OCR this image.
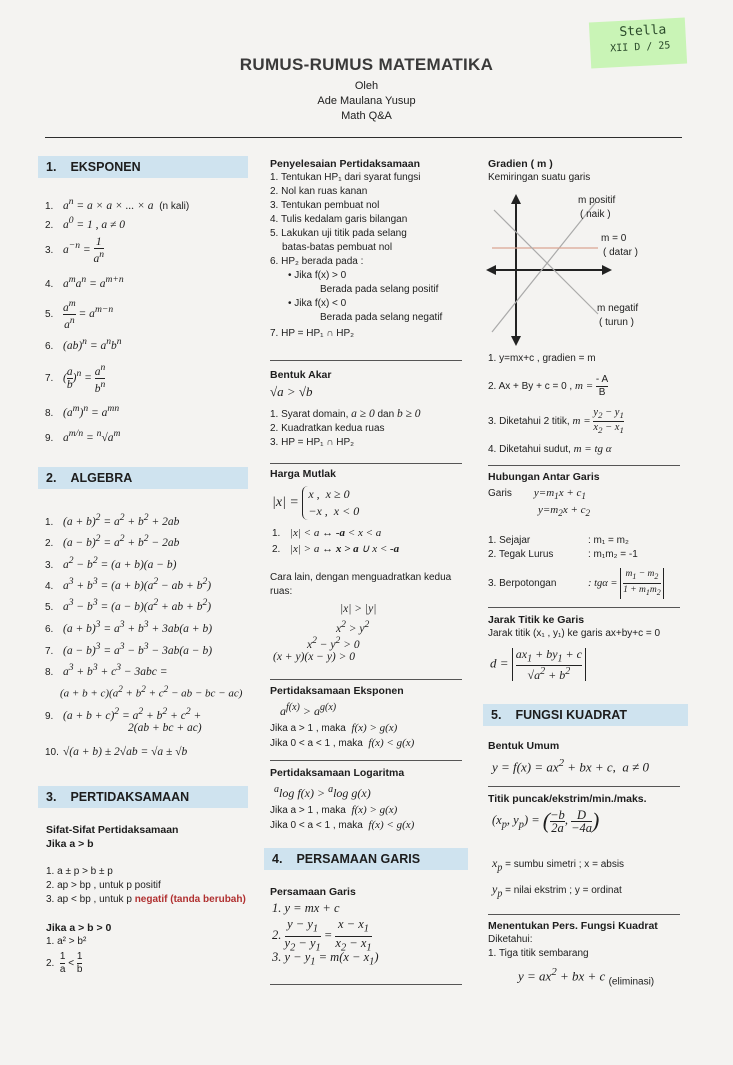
Stella
XII D / 25
RUMUS-RUMUS MATEMATIKA
Oleh
Ade Maulana Yusup
Math Q&A
1. EKSPONEN
1. $a^n = a \times a$ × ... × a  (n kali)
2. $a^0 = 1$ , a ≠ 0
3. $a^{-n} = \frac{1}{a^n}$
4. $a^ma^n = a^{m+n}$
5. $\frac{a^m}{a^n} = a^{m-n}$
6. $(ab)^n = a^nb^n$
7. ( $\frac{a}{b} )^n = \frac{a^n}{b^n}$
8. $(a^m)^n = a^{mn}$
9. $a^{m/n} = ^n√a^m$
2. ALGEBRA
1. $(a + b)^2 = a^2 + b^2 + 2ab$
2. $(a - b)^2 = a^2 + b^2 - 2ab$
3. $a^2 - b^2 = (a + b)(a - b)$
4. $a^3 + b^3 = (a + b)(a^2$ − ab + $b^2$)
5. $a^3 - b^3 = (a - b)(a^2$ + ab + $b^2$)
6. $(a + b)^3 = a^3 + b^3 + 3ab(a + b)$
7. $(a - b)^3 = a^3 - b^3 - 3ab(a - b)$
8. $a^3 + b^3 + c^3 - 3abc$ =
$(a + b + c)(a^2 + b^2 + c^2$ − ab − bc − ac)
9. $(a + b + c)^2 = a^2 + b^2 + c^2$ +
2(ab + bc + ac)
10. √(a + b) ± 2√ab = √a ± √b
3. PERTIDAKSAMAAN
Sifat-Sifat Pertidaksamaan
Jika a > b
1. a ± p > b ± p
2. ap > bp , untuk p positif
3. ap < bp , untuk p negatif (tanda berubah)
Jika a > b > 0
1. a² > b²
2. $\frac{1}{a} < \frac{1}{b}$
Penyelesaian Pertidaksamaan
1. Tentukan HP₁ dari syarat fungsi
2. Nol kan ruas kanan
3. Tentukan pembuat nol
4. Tulis kedalam garis bilangan
5. Lakukan uji titik pada selang
batas-batas pembuat nol
6. HP₂ berada pada :
• Jika f(x) > 0
Berada pada selang positif
• Jika f(x) < 0
Berada pada selang negatif
7. HP = HP₁ ∩ HP₂
Bentuk Akar
√a > √b
1. Syarat domain, a ≥ 0 dan b ≥ 0
2. Kuadratkan kedua ruas
3. HP = HP₁ ∩ HP₂
Harga Mutlak
|x| = x ,  x ≥ 0
−x ,  x < 0
1. |x| < a ↔ -a < x < a
2. |x| > a ↔ x > a ∪ x < -a
Cara lain, dengan menguadratkan kedua ruas:
|x| > |y|
$x^2 > y^2$
$x^2 - y^2 > 0$
(x + y)(x − y) > 0
Pertidaksamaan Eksponen
$a^{f(x)} > a^{g(x)}$
Jika a > 1 , maka f(x) > g(x)
Jika 0 < a < 1 , maka f(x) < g(x)
Pertidaksamaan Logaritma
$^a$log f(x) > $^a$log g(x)
Jika a > 1 , maka f(x) > g(x)
Jika 0 < a < 1 , maka f(x) < g(x)
4. PERSAMAAN GARIS
Persamaan Garis
1. y = mx + c
2. $\frac{y - y_1}{y_2 - y_1} = \frac{x - x_1}{x_2 - x_1}$
3. $y - y_1 = m(x - x_1)$
Gradien ( m )
Kemiringan suatu garis
m positif
( naik )
m = 0
( datar )
m negatif
( turun )
1. y=mx+c , gradien = m
2. Ax + By + c = 0 , $m = \frac{- A}{B}$
3. Diketahui 2 titik, $m = \frac{y_2 - y_1}{x_2 - x_1}$
4. Diketahui sudut, m = tg α
Hubungan Antar Garis
Garis $y=m_1x + c_1$
$y=m_2x + c_2$
1. Sejajar	: m₁ = m₂
2. Tegak Lurus	: m₁m₂ = -1
3. Berpotongan	: $tg\alpha = \frac{m_1 - m_2}{1 + m_1m_2}$
Jarak Titik ke Garis
Jarak titik (x₁ , y₁) ke garis ax+by+c = 0
$d = \frac{ax_1 + by_1 + c}{√a^2 + b^2}$
5. FUNGSI KUADRAT
Bentuk Umum
$y = f(x) = ax^2$ + bx + c,  a ≠ 0
Titik puncak/ekstrim/min./maks.
($x_p$, $y_p$) = ( $\frac{-b}{2a}$ , $\frac{D}{-4a}$ )
$x_p$ = sumbu simetri ; x = absis
$y_p$ = nilai ekstrim ; y = ordinat
Menentukan Pers. Fungsi Kuadrat
Diketahui:
1. Tiga titik sembarang
$y = ax^2$ + bx + c $_{(eliminasi)}$
